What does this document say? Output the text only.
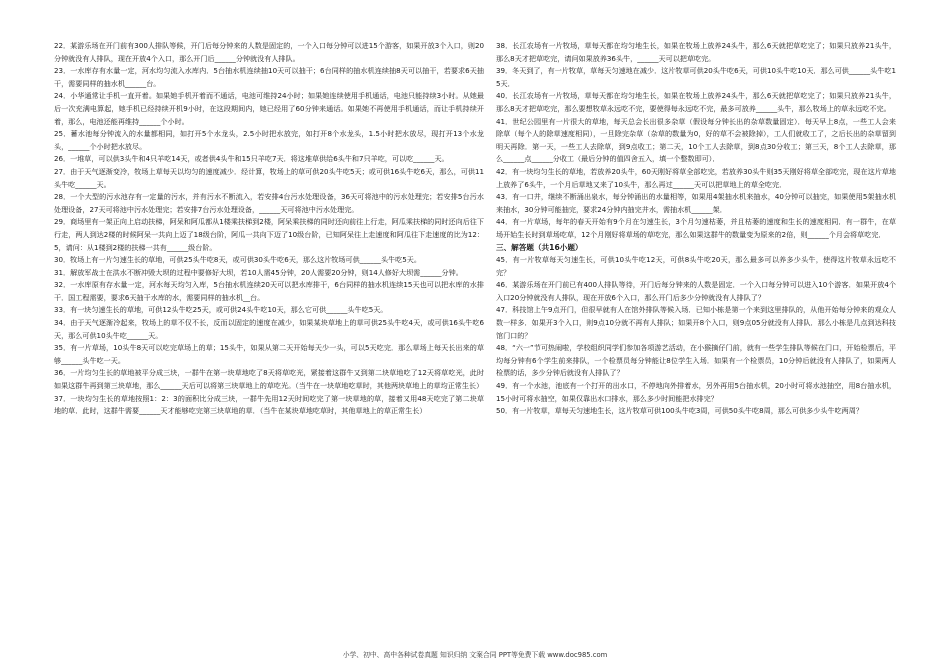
22．某游乐场在开门前有300人排队等候，开门后每分钟来的人数是固定的，一个入口每分钟可以进15个游客，如果开放3个入口，则20分钟就没有人排队，现在开放4个入口，那么开门后______分钟就没有人排队。

23．一水库存有水量一定，河水均匀流入水库内．5台抽水机连续抽10天可以抽干；6台同样的抽水机连续抽8天可以抽干，若要求6天抽干，需要同样的抽水机______台。

24．小华通常让手机一直开着。如果她手机开着而不通话，电池可维持24小时；如果她连续使用手机通话，电池只能持续3小时。从她最后一次充满电算起，她手机已经持续开机9小时，在这段期间内，她已经用了60分钟来通话。如果她不再使用手机通话，而让手机持续开着，那么，电池还能再维持______个小时。

25．蓄水池每分钟流入的水量都相同，如打开5个水龙头，2.5小时把水放完，如打开8个水龙头，1.5小时把水放尽，现打开13个水龙头，______个小时把水放尽。

26．一堆草，可以供3头牛和4只羊吃14天，或者供4头牛和15只羊吃7天．将这堆草供给6头牛和7只羊吃，可以吃______天。

27．由于天气逐渐变冷，牧场上草每天以均匀的速度减少．经计算，牧场上的草可供20头牛吃5天；或可供16头牛吃6天，那么，可供11头牛吃______天。

28．一个大型的污水池存有一定量的污水，并有污水不断流入，若安排4台污水处理设备，36天可将池中的污水处理完；若安排5台污水处理设备，27天可将池中污水处理完；若安排7台污水处理设备，______天可将池中污水处理完。

29．商场里有一架正向上启动扶梯，阿呆和阿瓜都从1楼乘扶梯到2楼，阿呆乘扶梯的同时还向前往上行走，阿瓜乘扶梯的同时还向后往下行走，两人到达2楼的时候阿呆一共向上迈了18级台阶，阿瓜一共向下迈了10级台阶，已知阿呆往上走速度和阿瓜往下走速度的比为12：5，请问：从1楼到2楼的扶梯一共有______级台阶。

30．牧场上有一片匀速生长的草地，可供25头牛吃8天，或可供30头牛吃6天，那么这片牧场可供______头牛吃5天。

31．解放军战士在洪水不断冲毁大坝的过程中要修好大坝，若10人需45分钟，20人需要20分钟，则14人修好大坝需______分钟。

32．一水库原有存水量一定，河水每天均匀入库，5台抽水机连续20天可以把水库排干，6台同样的抽水机连续15天也可以把水库的水排干．国工程需要，要求6天抽干水库的水，需要同样的抽水机__台。

33．有一块匀速生长的草地，可供12头牛吃25天，或可供24头牛吃10天，那么它可供______头牛吃5天。

34．由于天气逐渐冷起来，牧场上的草不仅不长，反而以固定的速度在减少，如果某块草地上的草可供25头牛吃4天，或可供16头牛吃6天，那么可供10头牛吃______天。

35．有一片草场，10头牛8天可以吃完草场上的草；15头牛，如果从第二天开始每天少一头，可以5天吃完．那么草场上每天长出来的草够______头牛吃一天。

36．一片均匀生长的草地被平分成三块，一群牛在第一块草地吃了8天将草吃光，紧接着这群牛又到第二块草地吃了12天将草吃光，此时如果这群牛再到第三块草地，那么______天后可以将第三块草地上的草吃光。（当牛在一块草地吃草时，其他两块草地上的草均正常生长）

37．一块均匀生长的草地按照1：2：3的面积比分成三块，一群牛先用12天时间吃完了第一块草地的草，接着又用48天吃完了第二块草地的草．此时，这群牛需要______天才能够吃完第三块草地的草．（当牛在某块草地吃草时，其他草地上的草正常生长）

38．长江农场有一片牧场，草每天都在均匀地生长，如果在牧场上放养24头牛，那么6天就把草吃完了；如果只放养21头牛，那么8天才把草吃完，请问如果放养36头牛，______天可以把草吃完。

39．冬天到了，有一片牧草，草每天匀速地在减少．这片牧草可供20头牛吃6天，可供10头牛吃10天．那么可供______头牛吃15天．

40．长江农场有一片牧场，草每天都在均匀地生长，如果在牧场上放养24头牛，那么6天就把草吃完了；如果只放养21头牛，那么8天才把草吃完，那么要想牧草永远吃不完，要使得每永远吃不完，最多可放养______头牛，那么牧场上的草永远吃不完。

41．世纪公园里有一片很大的草地，每天总会长出很多杂草（假设每分钟长出的杂草数量固定）．每天早上8点，一些工人会来除草（每个人的除草速度相同），一旦除完杂草（杂草的数量为0，好的草不会被除掉），工人们就收工了，之后长出的杂草留到明天再除．第一天，一些工人去除草，到9点收工；第二天，10个工人去除草，到8点30分收工；第三天，8个工人去除草，那么______点______分收工（最后分钟的值四舍五入，填一个整数即可）．

42．有一块均匀生长的草地，若放养20头牛，60天刚好将草全部吃完，若放养30头牛则35天刚好将草全部吃完，现在这片草地上放养了6头牛，一个月后草地又来了10头牛，那么再过______天可以把草地上的草全吃完．

43．有一口井，继续不断涌出泉水，每分钟涌出的水量相等，如果用4架抽水机来抽水，40分钟可以抽完，如果使用5架抽水机来抽水，30分钟可能抽完，要求24分钟内抽完井水，需抽水机______架．

44．有一片草场，每年的春天开始有9个月在匀速生长，3个月匀速枯萎，并且枯萎的速度和生长的速度相同．有一群牛，在草场开始生长时到草场吃草，12个月刚好将草场的草吃完，那么如果这群牛的数量变为原来的2倍，则______个月会将草吃完．

三、解答题（共16小题）

45．有一片牧草每天匀速生长，可供10头牛吃12天，可供8头牛吃20天，那么最多可以养多少头牛，使得这片牧草永远吃不完？

46．某游乐场在开门前已有400人排队等待，开门后每分钟来的人数是固定．一个入口每分钟可以进入10个游客．如果开放4个入口20分钟就没有人排队，现在开放6个入口，那么开门后多少分钟就没有人排队了？

47．科技馆上午9点开门，但很早就有人在馆外排队等候入场．已知小栋是第一个来到这里排队的，从他开始每分钟来的观众人数一样多．如果开3个入口，则9点10分就不再有人排队；如果开8个入口，则9点05分就没有人排队．那么小栋是几点到达科技馆门口的？

48．“六一”节可热闹啦，学校组织同学们参加各项游艺活动，在小猴摘仔门前，就有一些学生排队等候在门口，开始检票后，平均每分钟有6个学生前来排队，一个检票员每分钟能让8位学生入场．如果有一个检票员，10分钟后就没有人排队了，如果两人检票的话，多少分钟后就没有人排队了？

49．有一个水池，池底有一个打开的出水口，不停地向外排着水，另外再用5台抽水机，20小时可将水池抽空，用8台抽水机，15小时可将水抽空，如果仅靠出水口排水，那么多少时间能把水排完？

50．有一片牧草，草每天匀速地生长，这片牧草可供100头牛吃3周，可供50头牛吃8周，那么可供多少头牛吃两周？

小学、初中、高中各种试卷真题 知识归纳 文案合同 PPT等免费下载 www.doc985.com
